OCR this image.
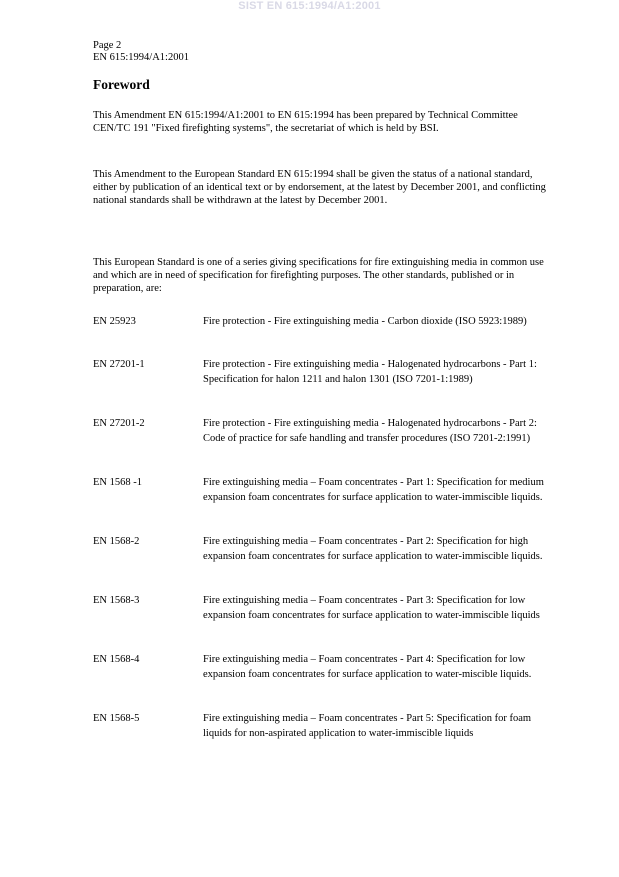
SIST EN 615:1994/A1:2001
Page 2
EN 615:1994/A1:2001
Foreword

This Amendment EN 615:1994/A1:2001 to EN 615:1994 has been prepared by Technical Committee CEN/TC 191 "Fixed firefighting systems", the secretariat of which is held by BSI.

This Amendment to the European Standard EN 615:1994 shall be given the status of a national standard, either by publication of an identical text or by endorsement, at the latest by December 2001, and conflicting national standards shall be withdrawn at the latest by December 2001.

This European Standard is one of a series giving specifications for fire extinguishing media in common use and which are in need of specification for firefighting purposes. The other standards, published or in preparation, are:

EN 25923	Fire protection - Fire extinguishing media - Carbon dioxide (ISO 5923:1989)
EN 27201-1	Fire protection - Fire extinguishing media - Halogenated hydrocarbons - Part 1: Specification for halon 1211 and halon 1301 (ISO 7201-1:1989)
EN 27201-2	Fire protection - Fire extinguishing media - Halogenated hydrocarbons - Part 2: Code of practice for safe handling and transfer procedures (ISO 7201-2:1991)
EN 1568 -1	Fire extinguishing media – Foam concentrates - Part 1: Specification for medium expansion foam concentrates for surface application to water-immiscible liquids.
EN 1568-2	Fire extinguishing media – Foam concentrates - Part 2: Specification for high expansion foam concentrates for surface application to water-immiscible liquids.
EN 1568-3	Fire extinguishing media – Foam concentrates - Part 3: Specification for low expansion foam concentrates for surface application to water-immiscible liquids
EN 1568-4	Fire extinguishing media – Foam concentrates - Part 4: Specification for low expansion foam concentrates for surface application to water-miscible liquids.
EN 1568-5	Fire extinguishing media – Foam concentrates - Part 5: Specification for foam liquids for non-aspirated application to water-immiscible liquids
